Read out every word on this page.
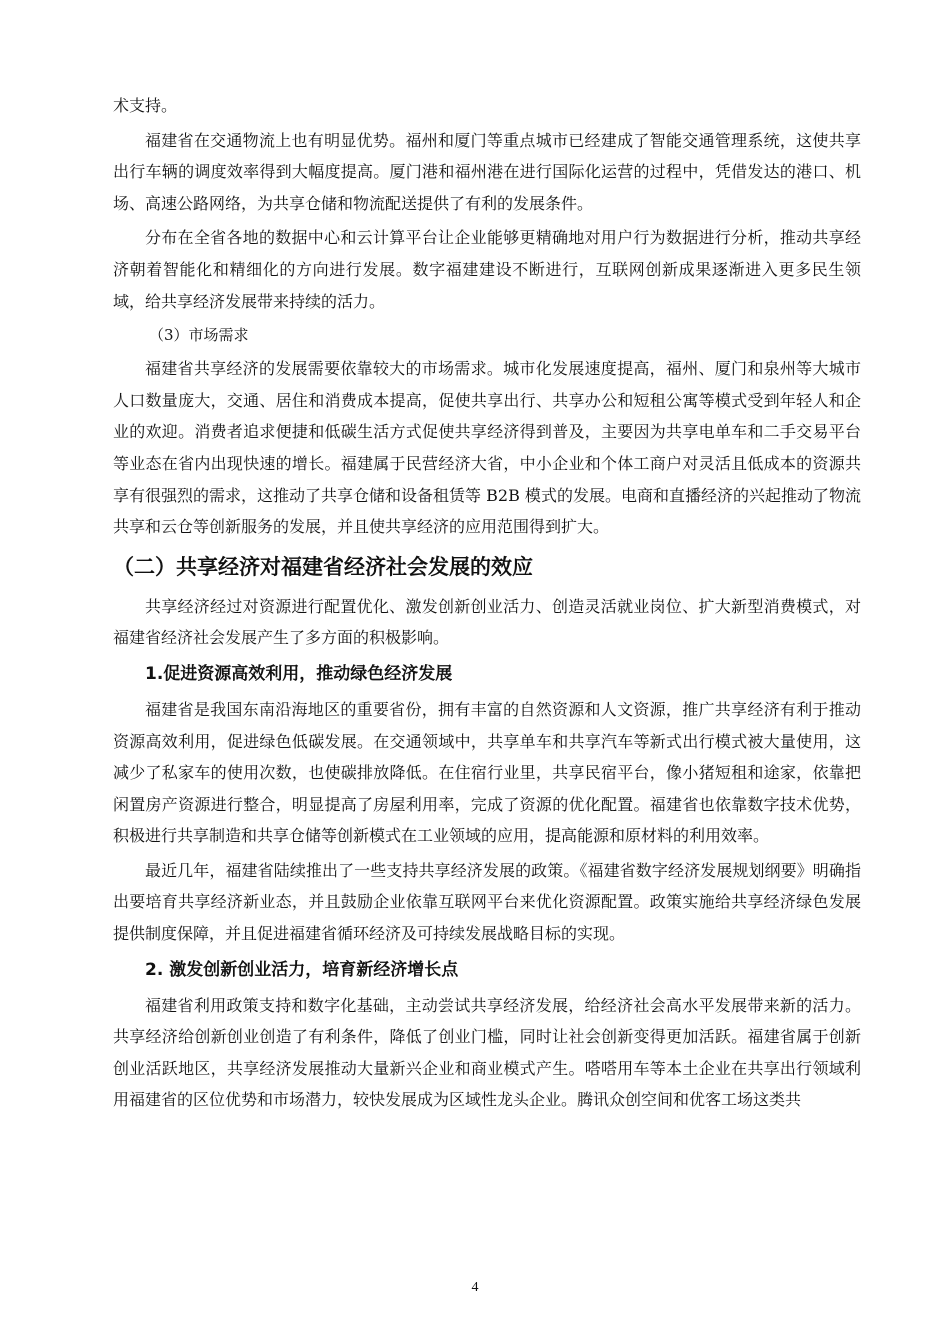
术支持。

福建省在交通物流上也有明显优势。福州和厦门等重点城市已经建成了智能交通管理系统，这使共享出行车辆的调度效率得到大幅度提高。厦门港和福州港在进行国际化运营的过程中，凭借发达的港口、机场、高速公路网络，为共享仓储和物流配送提供了有利的发展条件。

分布在全省各地的数据中心和云计算平台让企业能够更精确地对用户行为数据进行分析，推动共享经济朝着智能化和精细化的方向进行发展。数字福建建设不断进行，互联网创新成果逐渐进入更多民生领域，给共享经济发展带来持续的活力。

（3）市场需求

福建省共享经济的发展需要依靠较大的市场需求。城市化发展速度提高，福州、厦门和泉州等大城市人口数量庞大，交通、居住和消费成本提高，促使共享出行、共享办公和短租公寓等模式受到年轻人和企业的欢迎。消费者追求便捷和低碳生活方式促使共享经济得到普及，主要因为共享电单车和二手交易平台等业态在省内出现快速的增长。福建属于民营经济大省，中小企业和个体工商户对灵活且低成本的资源共享有很强烈的需求，这推动了共享仓储和设备租赁等 B2B 模式的发展。电商和直播经济的兴起推动了物流共享和云仓等创新服务的发展，并且使共享经济的应用范围得到扩大。

（二）共享经济对福建省经济社会发展的效应

共享经济经过对资源进行配置优化、激发创新创业活力、创造灵活就业岗位、扩大新型消费模式，对福建省经济社会发展产生了多方面的积极影响。

1.促进资源高效利用，推动绿色经济发展

福建省是我国东南沿海地区的重要省份，拥有丰富的自然资源和人文资源，推广共享经济有利于推动资源高效利用，促进绿色低碳发展。在交通领域中，共享单车和共享汽车等新式出行模式被大量使用，这减少了私家车的使用次数，也使碳排放降低。在住宿行业里，共享民宿平台，像小猪短租和途家，依靠把闲置房产资源进行整合，明显提高了房屋利用率，完成了资源的优化配置。福建省也依靠数字技术优势，积极进行共享制造和共享仓储等创新模式在工业领域的应用，提高能源和原材料的利用效率。

最近几年，福建省陆续推出了一些支持共享经济发展的政策。《福建省数字经济发展规划纲要》明确指出要培育共享经济新业态，并且鼓励企业依靠互联网平台来优化资源配置。政策实施给共享经济绿色发展提供制度保障，并且促进福建省循环经济及可持续发展战略目标的实现。

2. 激发创新创业活力，培育新经济增长点

福建省利用政策支持和数字化基础，主动尝试共享经济发展，给经济社会高水平发展带来新的活力。共享经济给创新创业创造了有利条件，降低了创业门槛，同时让社会创新变得更加活跃。福建省属于创新创业活跃地区，共享经济发展推动大量新兴企业和商业模式产生。嗒嗒用车等本土企业在共享出行领域利用福建省的区位优势和市场潜力，较快发展成为区域性龙头企业。腾讯众创空间和优客工场这类共

4
